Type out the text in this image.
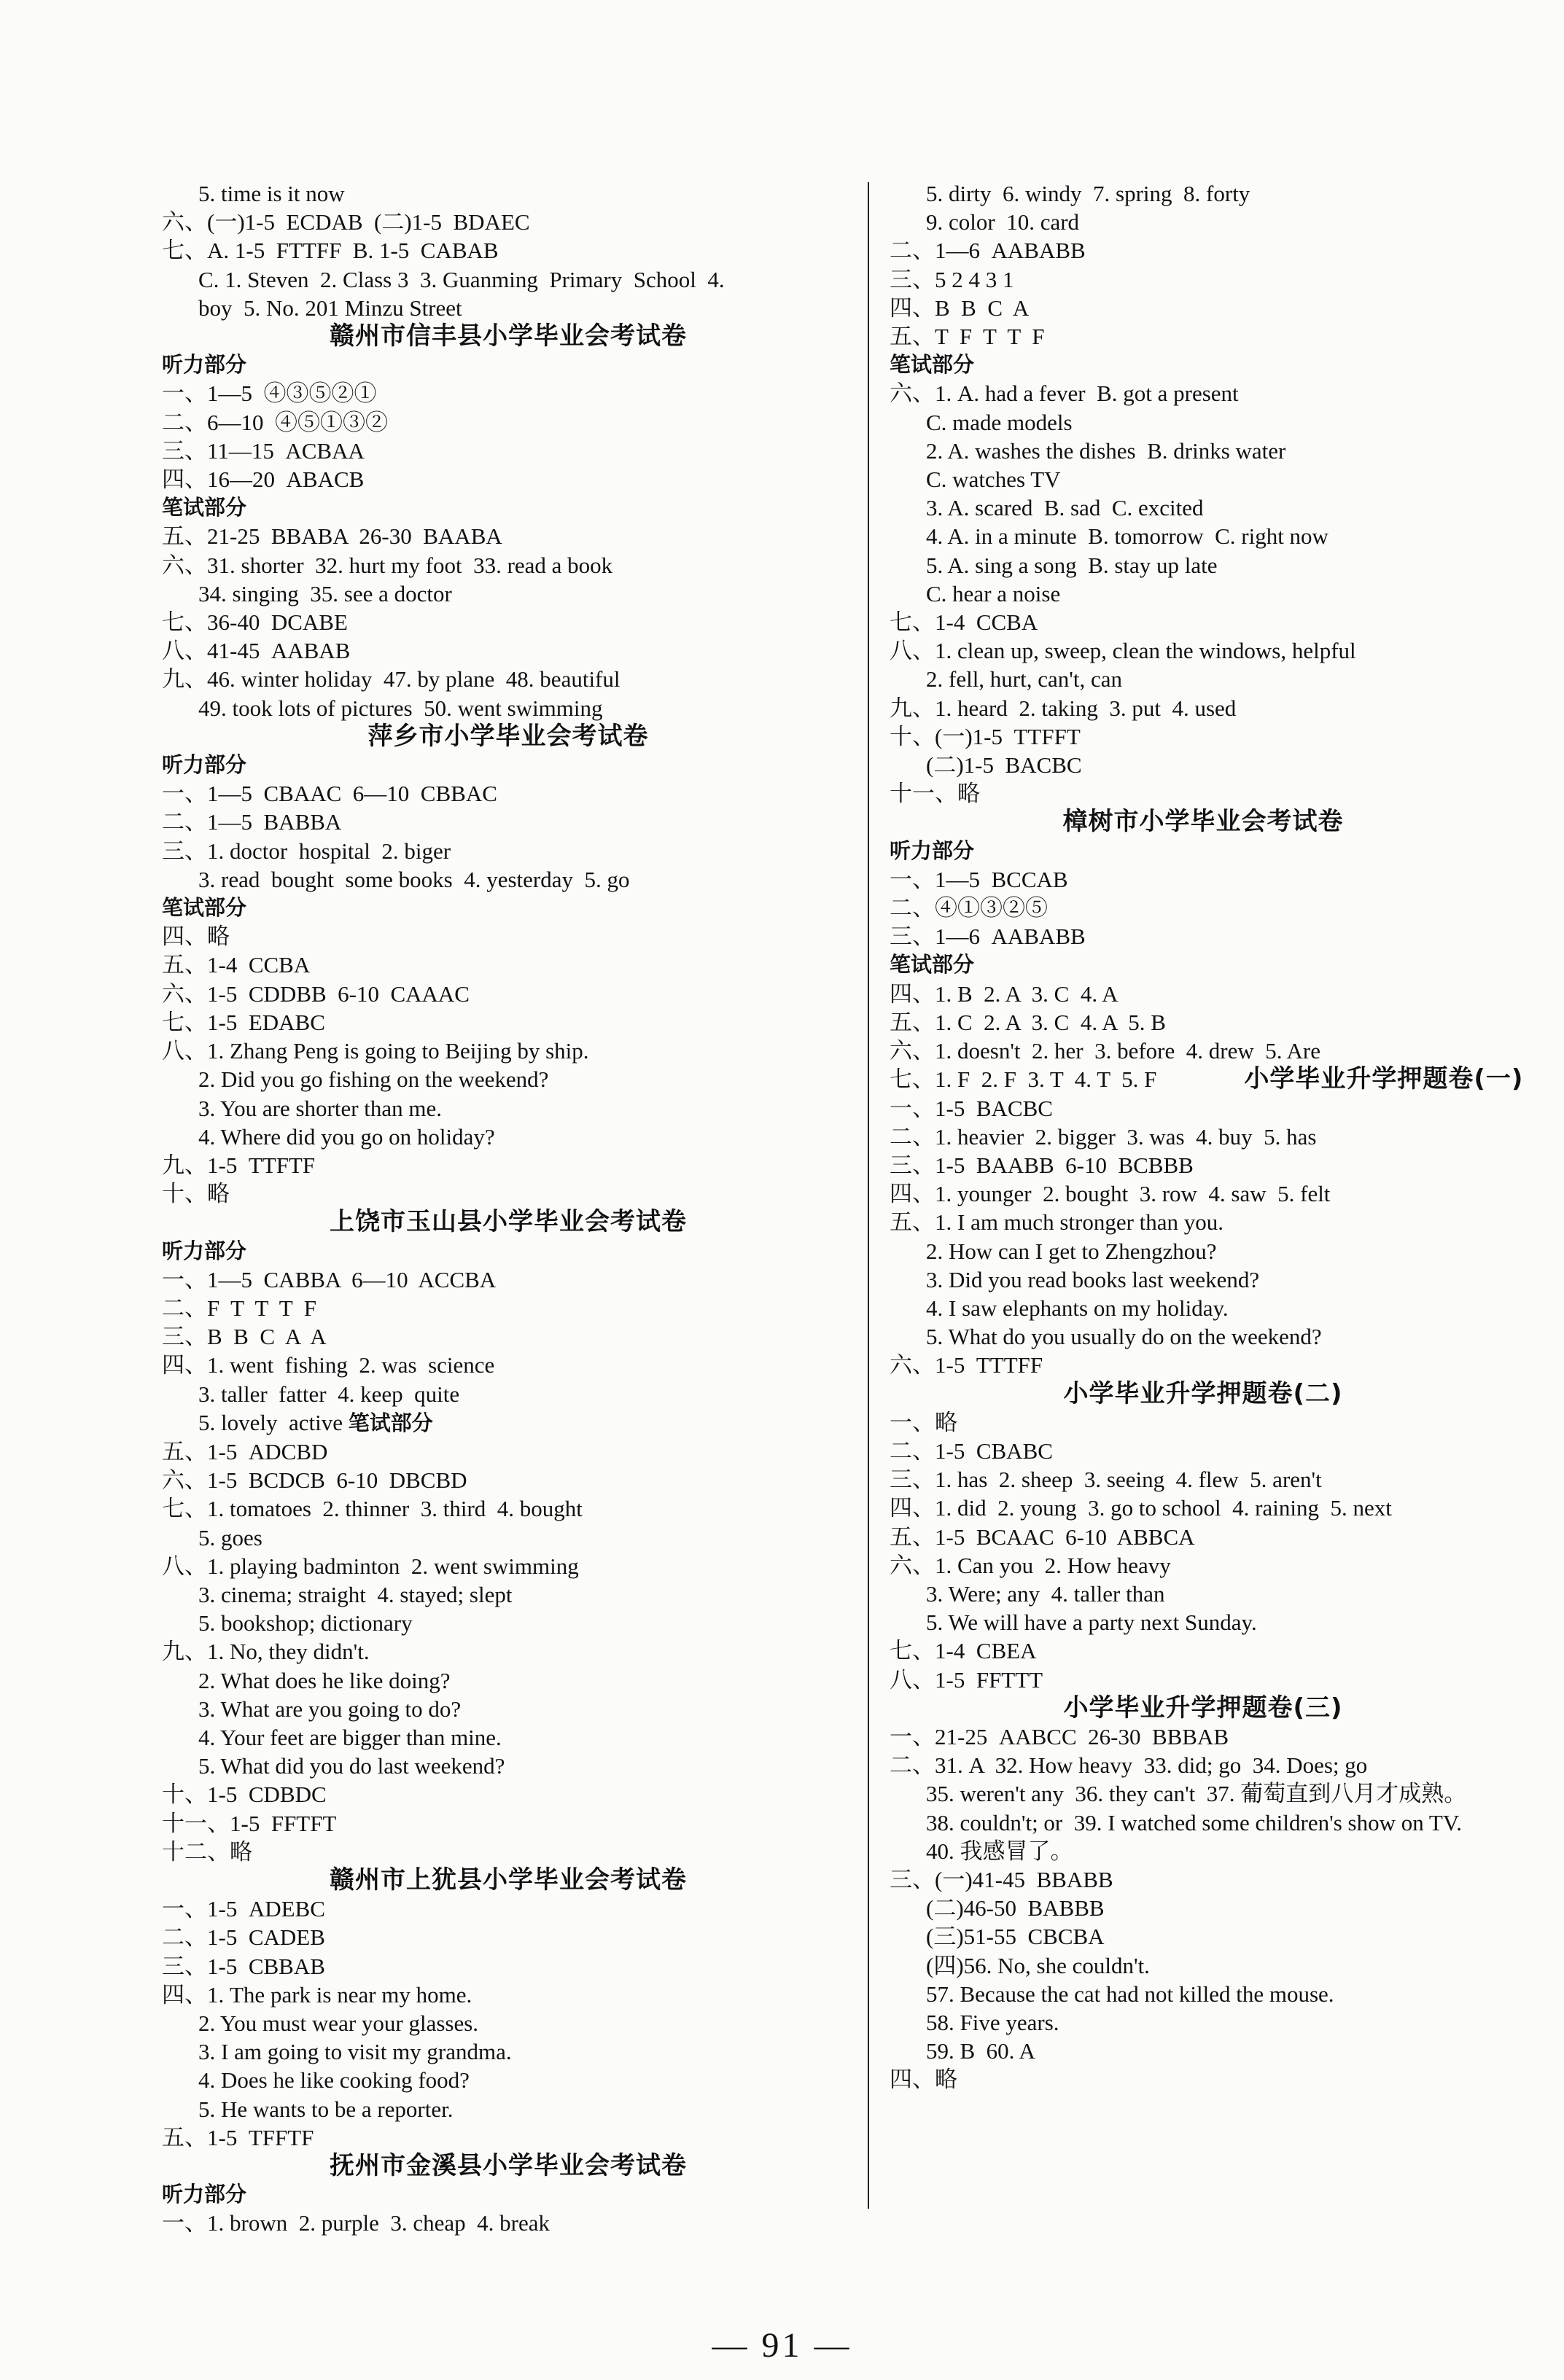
5. time is it now
六、(一)1-5  ECDAB  (二)1-5  BDAEC
七、A. 1-5  FTTFF  B. 1-5  CABAB
C. 1. Steven  2. Class 3  3. Guanming  Primary  School  4.
boy  5. No. 201 Minzu Street
赣州市信丰县小学毕业会考试卷
听力部分
一、1—5  ④③⑤②①
二、6—10  ④⑤①③②
三、11—15  ACBAA
四、16—20  ABACB
笔试部分
五、21-25  BBABA  26-30  BAABA
六、31. shorter  32. hurt my foot  33. read a book
34. singing  35. see a doctor
七、36-40  DCABE
八、41-45  AABAB
九、46. winter holiday  47. by plane  48. beautiful
49. took lots of pictures  50. went swimming
萍乡市小学毕业会考试卷
听力部分
一、1—5  CBAAC  6—10  CBBAC
二、1—5  BABBA
三、1. doctor  hospital  2. biger
3. read  bought  some books  4. yesterday  5. go
笔试部分
四、略
五、1-4  CCBA
六、1-5  CDDBB  6-10  CAAAC
七、1-5  EDABC
八、1. Zhang Peng is going to Beijing by ship.
2. Did you go fishing on the weekend?
3. You are shorter than me.
4. Where did you go on holiday?
九、1-5  TTFTF
十、略
上饶市玉山县小学毕业会考试卷
听力部分
一、1—5  CABBA  6—10  ACCBA
二、F  T  T  T  F
三、B  B  C  A  A
四、1. went  fishing  2. was  science
3. taller  fatter  4. keep  quite
5. lovely  active 笔试部分
五、1-5  ADCBD
六、1-5  BCDCB  6-10  DBCBD
七、1. tomatoes  2. thinner  3. third  4. bought
5. goes
八、1. playing badminton  2. went swimming
3. cinema; straight  4. stayed; slept
5. bookshop; dictionary
九、1. No, they didn't.
2. What does he like doing?
3. What are you going to do?
4. Your feet are bigger than mine.
5. What did you do last weekend?
十、1-5  CDBDC
十一、1-5  FFTFT
十二、略
赣州市上犹县小学毕业会考试卷
一、1-5  ADEBC
二、1-5  CADEB
三、1-5  CBBAB
四、1. The park is near my home.
2. You must wear your glasses.
3. I am going to visit my grandma.
4. Does he like cooking food?
5. He wants to be a reporter.
五、1-5  TFFTF
抚州市金溪县小学毕业会考试卷
听力部分
一、1. brown  2. purple  3. cheap  4. break
5. dirty  6. windy  7. spring  8. forty
9. color  10. card
二、1—6  AABABB
三、5 2 4 3 1
四、B  B  C  A
五、T  F  T  T  F
笔试部分
六、1. A. had a fever  B. got a present
C. made models
2. A. washes the dishes  B. drinks water
C. watches TV
3. A. scared  B. sad  C. excited
4. A. in a minute  B. tomorrow  C. right now
5. A. sing a song  B. stay up late
C. hear a noise
七、1-4  CCBA
八、1. clean up, sweep, clean the windows, helpful
2. fell, hurt, can't, can
九、1. heard  2. taking  3. put  4. used
十、(一)1-5  TTFFT
(二)1-5  BACBC
十一、略
樟树市小学毕业会考试卷
听力部分
一、1—5  BCCAB
二、④①③②⑤
三、1—6  AABABB
笔试部分
四、1. B  2. A  3. C  4. A
五、1. C  2. A  3. C  4. A  5. B
六、1. doesn't  2. her  3. before  4. drew  5. Are
七、1. F  2. F  3. T  4. T  5. F	小学毕业升学押题卷(一)
一、1-5  BACBC
二、1. heavier  2. bigger  3. was  4. buy  5. has
三、1-5  BAABB  6-10  BCBBB
四、1. younger  2. bought  3. row  4. saw  5. felt
五、1. I am much stronger than you.
2. How can I get to Zhengzhou?
3. Did you read books last weekend?
4. I saw elephants on my holiday.
5. What do you usually do on the weekend?
六、1-5  TTTFF
小学毕业升学押题卷(二)
一、略
二、1-5  CBABC
三、1. has  2. sheep  3. seeing  4. flew  5. aren't
四、1. did  2. young  3. go to school  4. raining  5. next
五、1-5  BCAAC  6-10  ABBCA
六、1. Can you  2. How heavy
3. Were; any  4. taller than
5. We will have a party next Sunday.
七、1-4  CBEA
八、1-5  FFTTT
小学毕业升学押题卷(三)
一、21-25  AABCC  26-30  BBBAB
二、31. A  32. How heavy  33. did; go  34. Does; go
35. weren't any  36. they can't  37. 葡萄直到八月才成熟。
38. couldn't; or  39. I watched some children's show on TV.
40. 我感冒了。
三、(一)41-45  BBABB
(二)46-50  BABBB
(三)51-55  CBCBA
(四)56. No, she couldn't.
57. Because the cat had not killed the mouse.
58. Five years.
59. B  60. A
四、略
— 91 —
